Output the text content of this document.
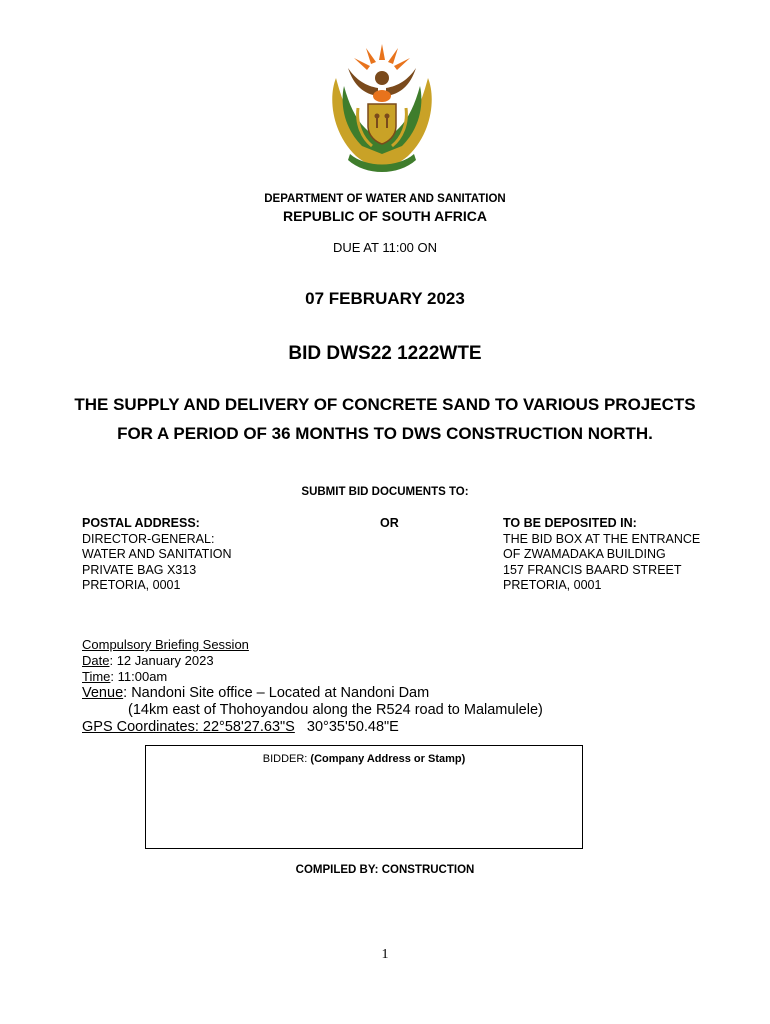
DEPARTMENT OF WATER AND SANITATION
REPUBLIC OF SOUTH AFRICA
DUE AT 11:00 ON
07 FEBRUARY 2023
BID DWS22 1222WTE
THE SUPPLY AND DELIVERY OF CONCRETE SAND TO VARIOUS PROJECTS
FOR A PERIOD OF 36 MONTHS TO DWS CONSTRUCTION NORTH.
SUBMIT BID DOCUMENTS TO:
POSTAL ADDRESS:
DIRECTOR-GENERAL:
WATER AND SANITATION
PRIVATE BAG X313
PRETORIA, 0001
OR	TO BE DEPOSITED IN:
THE BID BOX AT THE ENTRANCE
OF ZWAMADAKA BUILDING
157 FRANCIS BAARD STREET
PRETORIA, 0001
Compulsory Briefing Session
Date: 12 January 2023
Time: 11:00am
Venue: Nandoni Site office – Located at Nandoni Dam
(14km east of Thohoyandou along the R524 road to Malamulele)
GPS Coordinates: 22°58'27.63"S   30°35'50.48"E
BIDDER: (Company Address or Stamp)
COMPILED BY: CONSTRUCTION
1
